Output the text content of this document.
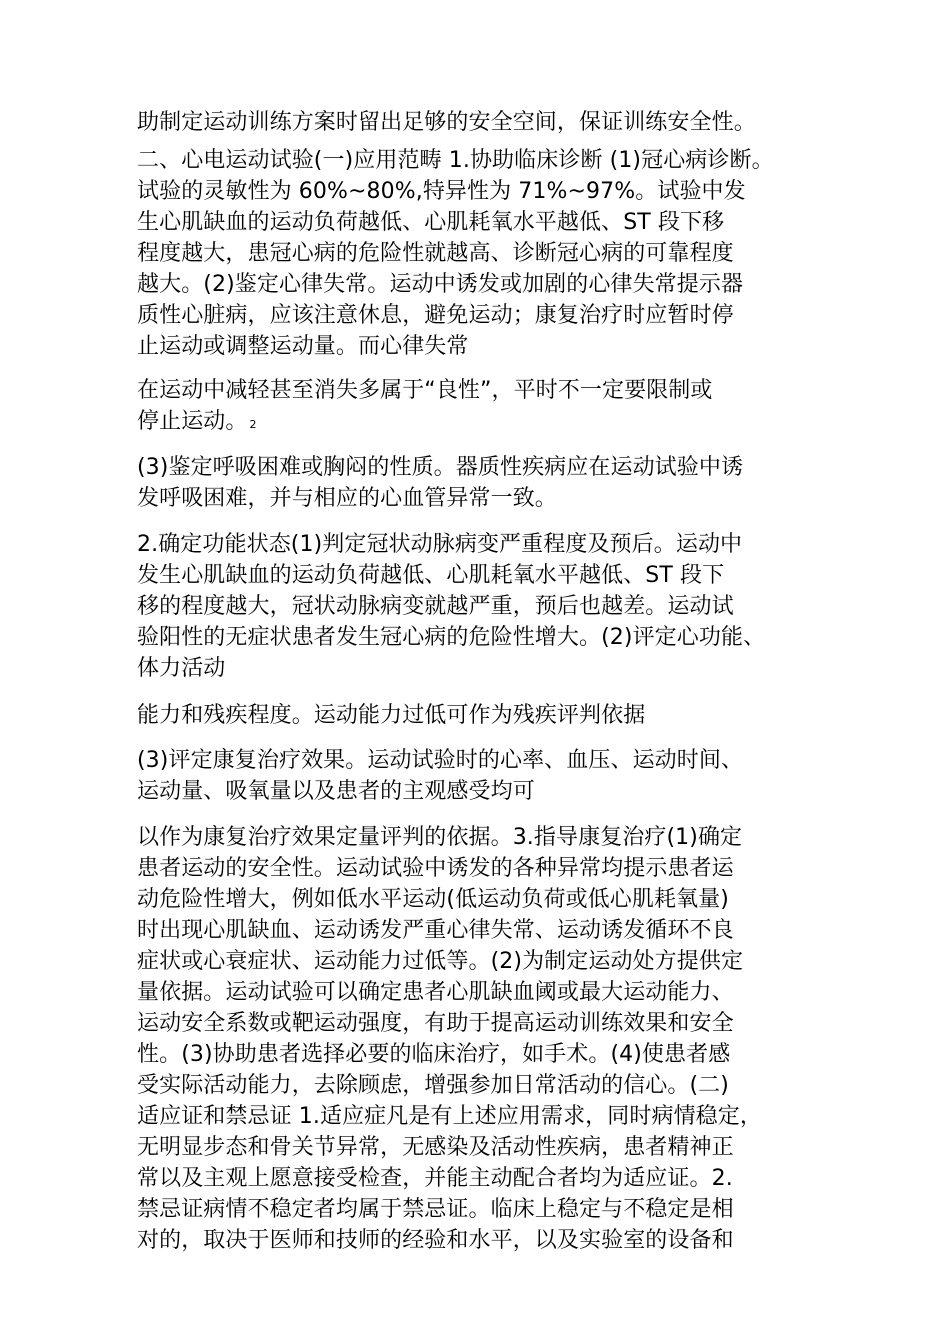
助制定运动训练方案时留出足够的安全空间，保证训练安全性。
二、心电运动试验(一)应用范畴 1.协助临床诊断 (1)冠心病诊断。
试验的灵敏性为 60%~80%,特异性为 71%~97%。试验中发
生心肌缺血的运动负荷越低、心肌耗氧水平越低、ST 段下移
程度越大，患冠心病的危险性就越高、诊断冠心病的可靠程度
越大。(2)鉴定心律失常。运动中诱发或加剧的心律失常提示器
质性心脏病，应该注意休息，避免运动；康复治疗时应暂时停
止运动或调整运动量。而心律失常
在运动中减轻甚至消失多属于“良性”，平时不一定要限制或
停止运动。 2
(3)鉴定呼吸困难或胸闷的性质。器质性疾病应在运动试验中诱
发呼吸困难，并与相应的心血管异常一致。
2.确定功能状态(1)判定冠状动脉病变严重程度及预后。运动中
发生心肌缺血的运动负荷越低、心肌耗氧水平越低、ST 段下
移的程度越大，冠状动脉病变就越严重，预后也越差。运动试
验阳性的无症状患者发生冠心病的危险性增大。(2)评定心功能、
体力活动
能力和残疾程度。运动能力过低可作为残疾评判依据
(3)评定康复治疗效果。运动试验时的心率、血压、运动时间、
运动量、吸氧量以及患者的主观感受均可
以作为康复治疗效果定量评判的依据。3.指导康复治疗(1)确定
患者运动的安全性。运动试验中诱发的各种异常均提示患者运
动危险性增大，例如低水平运动(低运动负荷或低心肌耗氧量)
时出现心肌缺血、运动诱发严重心律失常、运动诱发循环不良
症状或心衰症状、运动能力过低等。(2)为制定运动处方提供定
量依据。运动试验可以确定患者心肌缺血阈或最大运动能力、
运动安全系数或靶运动强度，有助于提高运动训练效果和安全
性。(3)协助患者选择必要的临床治疗，如手术。(4)使患者感
受实际活动能力，去除顾虑，增强参加日常活动的信心。(二)
适应证和禁忌证 1.适应症凡是有上述应用需求，同时病情稳定，
无明显步态和骨关节异常，无感染及活动性疾病，患者精神正
常以及主观上愿意接受检查，并能主动配合者均为适应证。2.
禁忌证病情不稳定者均属于禁忌证。临床上稳定与不稳定是相
对的，取决于医师和技师的经验和水平，以及实验室的设备和
